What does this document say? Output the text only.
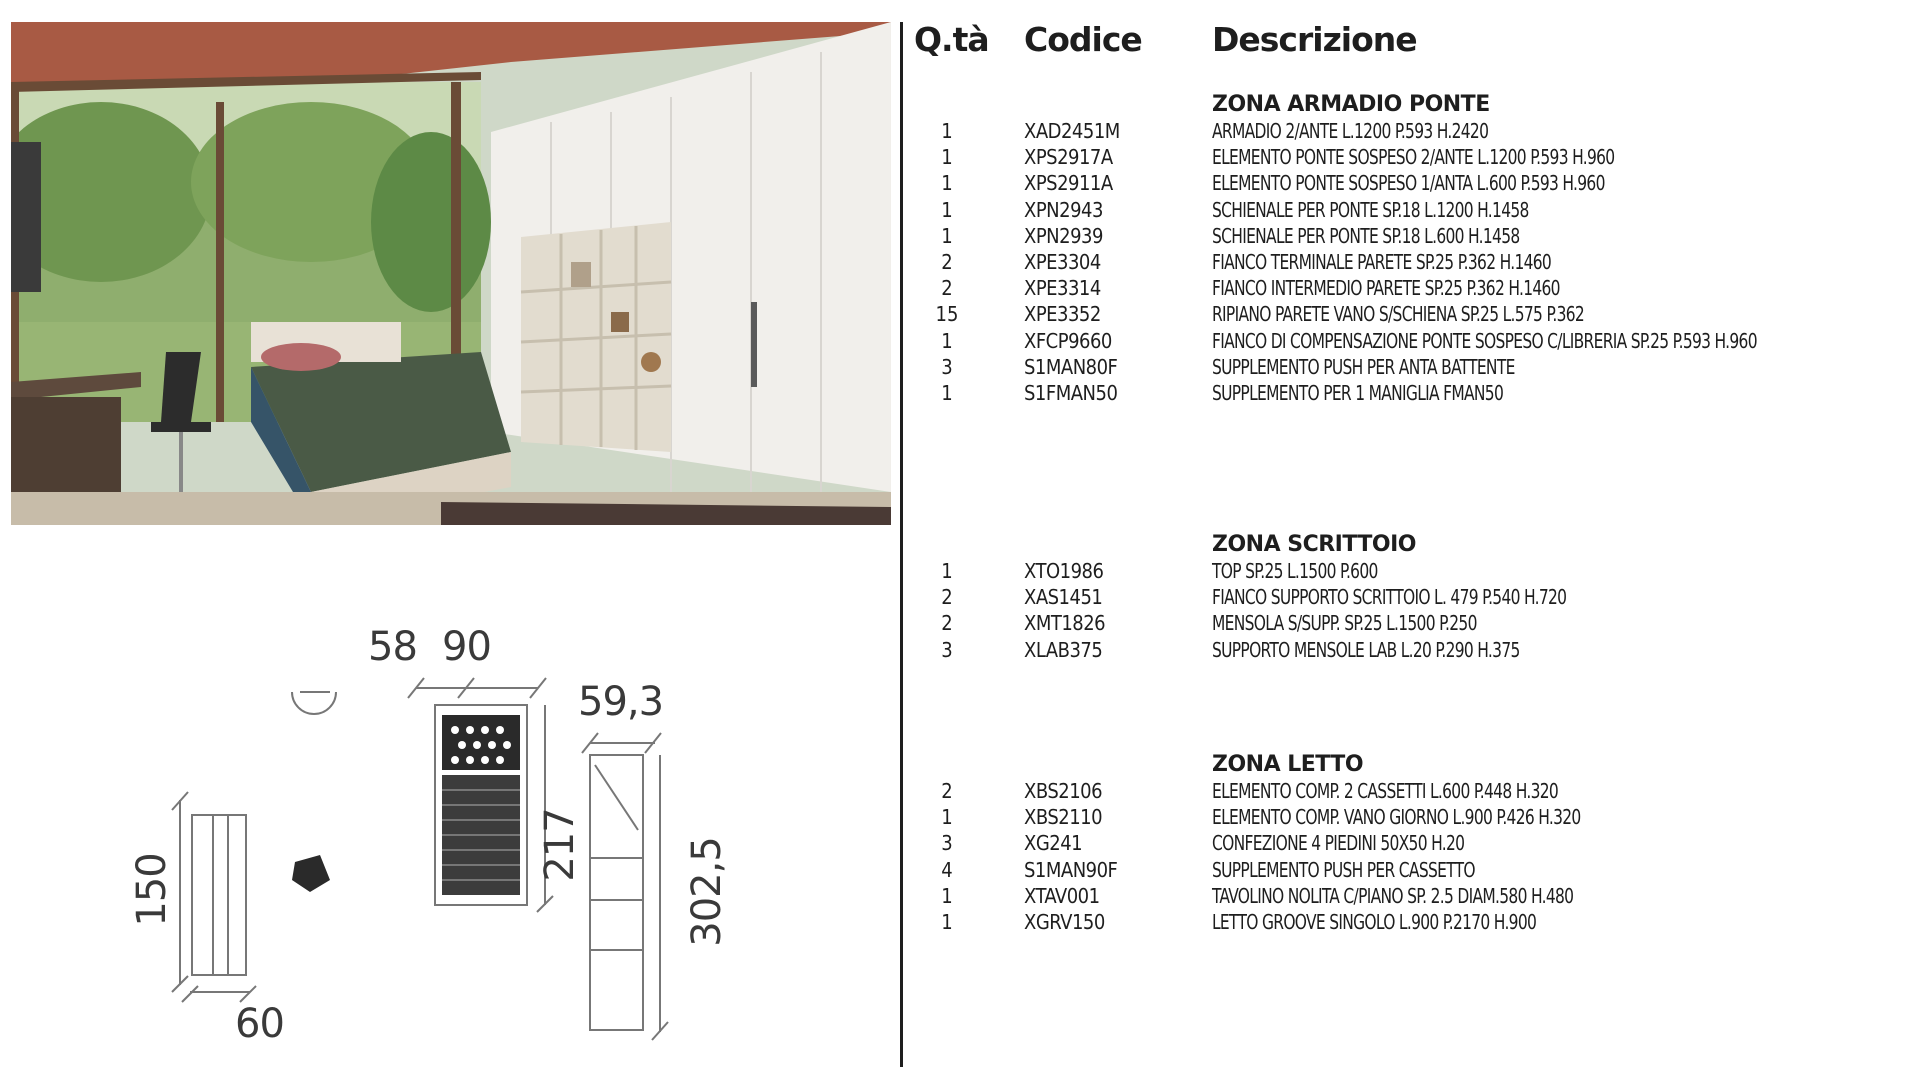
58 90
59,3
217	302,5
150
60
Q.tà Codice Descrizione
ZONA ARMADIO PONTE
1	XAD2451M	ARMADIO 2/ANTE L.1200 P.593 H.2420
1	XPS2917A	ELEMENTO PONTE SOSPESO 2/ANTE L.1200 P.593 H.960
1	XPS2911A	ELEMENTO PONTE SOSPESO 1/ANTA L.600 P.593 H.960
1	XPN2943	SCHIENALE PER PONTE SP.18 L.1200 H.1458
1	XPN2939	SCHIENALE PER PONTE SP.18 L.600 H.1458
2	XPE3304	FIANCO TERMINALE PARETE SP.25 P.362 H.1460
2	XPE3314	FIANCO INTERMEDIO PARETE SP.25 P.362 H.1460
15	XPE3352	RIPIANO PARETE VANO S/SCHIENA SP.25 L.575 P.362
1	XFCP9660	FIANCO DI COMPENSAZIONE PONTE SOSPESO C/LIBRERIA SP.25 P.593 H.960
3	S1MAN80F	SUPPLEMENTO PUSH PER ANTA BATTENTE
1	S1FMAN50	SUPPLEMENTO PER 1 MANIGLIA FMAN50
ZONA SCRITTOIO
1	XTO1986	TOP SP.25 L.1500 P.600
2	XAS1451	FIANCO SUPPORTO SCRITTOIO L. 479 P.540 H.720
2	XMT1826	MENSOLA S/SUPP. SP.25 L.1500 P.250
3	XLAB375	SUPPORTO MENSOLE LAB L.20 P.290 H.375
ZONA LETTO
2	XBS2106	ELEMENTO COMP. 2 CASSETTI L.600 P.448 H.320
1	XBS2110	ELEMENTO COMP. VANO GIORNO L.900 P.426 H.320
3	XG241	CONFEZIONE 4 PIEDINI 50X50 H.20
4	S1MAN90F	SUPPLEMENTO PUSH PER CASSETTO
1	XTAV001	TAVOLINO NOLITA C/PIANO SP. 2.5 DIAM.580 H.480
1	XGRV150	LETTO GROOVE SINGOLO L.900 P.2170 H.900
